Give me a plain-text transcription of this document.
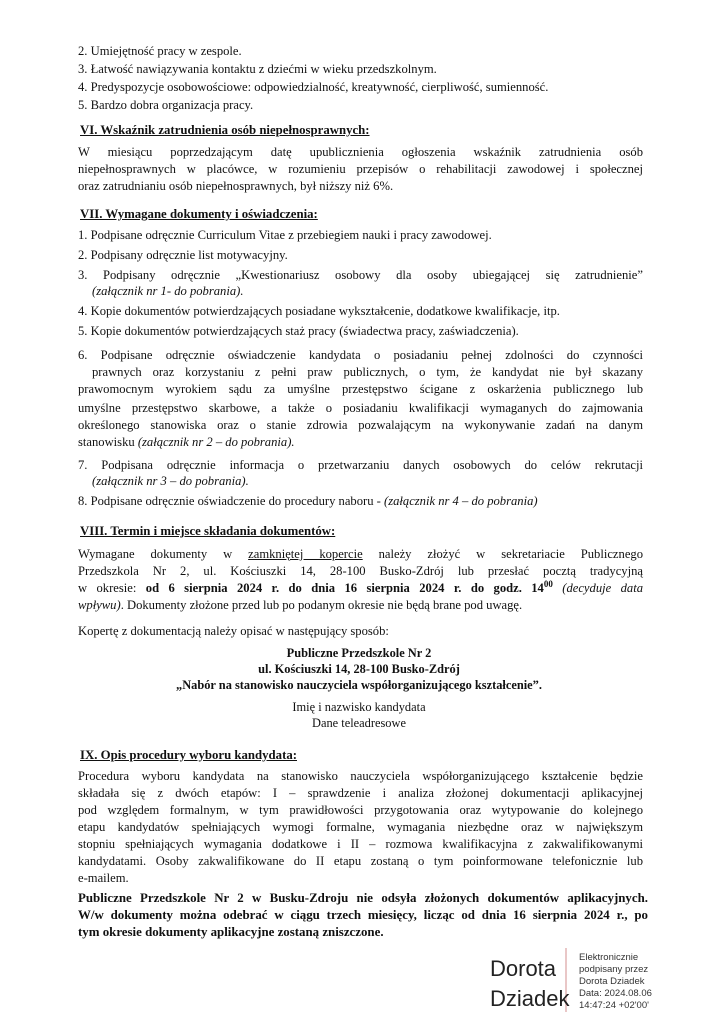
2. Umiejętność pracy w zespole.
3. Łatwość nawiązywania kontaktu z dziećmi w wieku przedszkolnym.
4. Predyspozycje osobowościowe: odpowiedzialność, kreatywność, cierpliwość, sumienność.
5. Bardzo dobra organizacja pracy.
VI. Wskaźnik zatrudnienia osób niepełnosprawnych:
W miesiącu poprzedzającym datę upublicznienia ogłoszenia wskaźnik zatrudnienia osób
niepełnosprawnych w placówce, w rozumieniu przepisów o rehabilitacji zawodowej i społecznej
oraz zatrudnianiu osób niepełnosprawnych, był niższy niż 6%.
VII. Wymagane dokumenty i oświadczenia:
1. Podpisane odręcznie Curriculum Vitae z przebiegiem nauki i pracy zawodowej.
2. Podpisany odręcznie list motywacyjny.
3. Podpisany odręcznie „Kwestionariusz osobowy dla osoby ubiegającej się zatrudnienie”
(załącznik nr 1- do pobrania).
4. Kopie dokumentów potwierdzających posiadane wykształcenie, dodatkowe kwalifikacje, itp.
5. Kopie dokumentów potwierdzających staż pracy (świadectwa pracy, zaświadczenia).
6. Podpisane odręcznie oświadczenie kandydata o posiadaniu pełnej zdolności do czynności
prawnych oraz korzystaniu z pełni praw publicznych, o tym, że kandydat nie był skazany
prawomocnym wyrokiem sądu za umyślne przestępstwo ścigane z oskarżenia publicznego lub
umyślne przestępstwo skarbowe, a także o posiadaniu kwalifikacji wymaganych do zajmowania
określonego stanowiska oraz o stanie zdrowia pozwalającym na wykonywanie zadań na danym
stanowisku (załącznik nr 2 – do pobrania).
7. Podpisana odręcznie informacja o przetwarzaniu danych osobowych do celów rekrutacji
(załącznik nr 3 – do pobrania).
8. Podpisane odręcznie oświadczenie do procedury naboru - (załącznik nr 4 – do pobrania)
VIII. Termin i miejsce składania dokumentów:
Wymagane dokumenty w zamkniętej kopercie należy złożyć w sekretariacie Publicznego
Przedszkola Nr 2, ul. Kościuszki 14, 28-100 Busko-Zdrój lub przesłać pocztą tradycyjną
w okresie: od 6 sierpnia 2024 r. do dnia 16 sierpnia 2024 r. do godz. $14^{00}$ (decyduje data
wpływu). Dokumenty złożone przed lub po podanym okresie nie będą brane pod uwagę.
Kopertę z dokumentacją należy opisać w następujący sposób:
Publiczne Przedszkole Nr 2
ul. Kościuszki 14, 28-100 Busko-Zdrój
„Nabór na stanowisko nauczyciela współorganizującego kształcenie”.
Imię i nazwisko kandydata
Dane teleadresowe
IX. Opis procedury wyboru kandydata:
Procedura wyboru kandydata na stanowisko nauczyciela współorganizującego kształcenie będzie
składała się z dwóch etapów: I – sprawdzenie i analiza złożonej dokumentacji aplikacyjnej
pod względem formalnym, w tym prawidłowości przygotowania oraz wytypowanie do kolejnego
etapu kandydatów spełniających wymogi formalne, wymagania niezbędne oraz w największym
stopniu spełniających wymagania dodatkowe i II – rozmowa kwalifikacyjna z zakwalifikowanymi
kandydatami. Osoby zakwalifikowane do II etapu zostaną o tym poinformowane telefonicznie lub
e-mailem.
Publiczne Przedszkole Nr 2 w Busku-Zdroju nie odsyła złożonych dokumentów aplikacyjnych.
W/w dokumenty można odebrać w ciągu trzech miesięcy, licząc od dnia 16 sierpnia 2024 r., po
tym okresie dokumenty aplikacyjne zostaną zniszczone.
Dorota
Dziadek
Elektronicznie
podpisany przez
Dorota Dziadek
Data: 2024.08.06
14:47:24 +02'00'
